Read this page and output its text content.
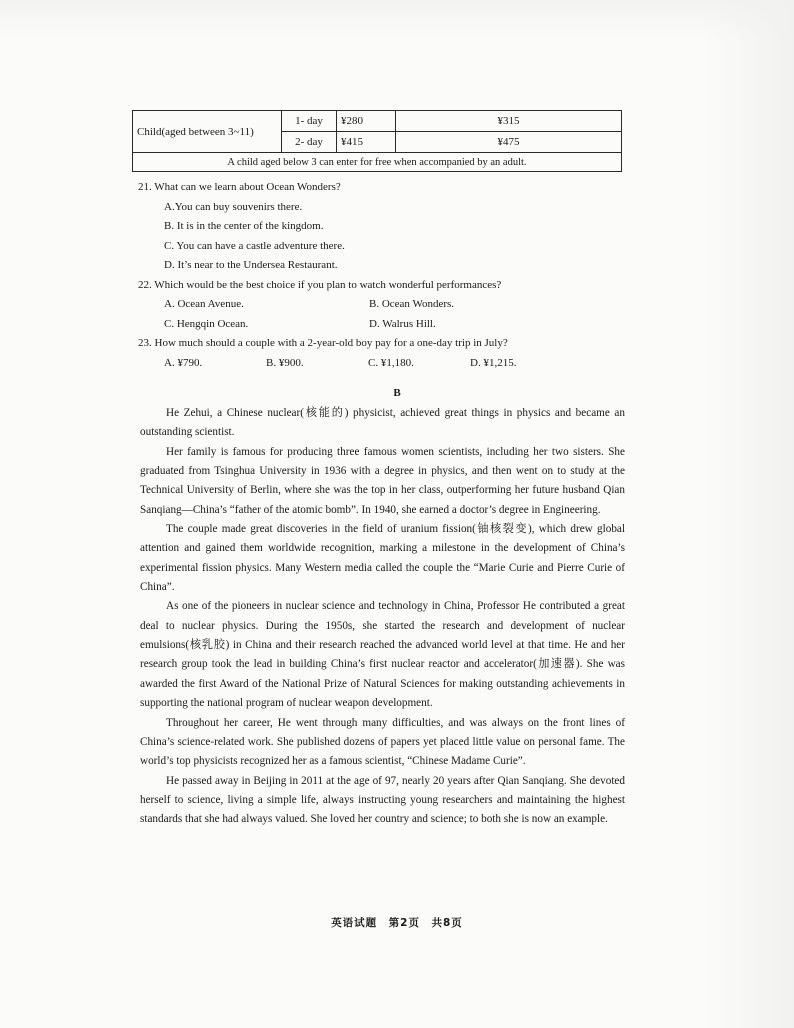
Child(aged between 3~11)	1- day	¥280	¥315
	2- day	¥415	¥475
A child aged below 3 can enter for free when accompanied by an adult.			

21. What can we learn about Ocean Wonders?

A.You can buy souvenirs there.

B. It is in the center of the kingdom.

C. You can have a castle adventure there.

D. It’s near to the Undersea Restaurant.

22. Which would be the best choice if you plan to watch wonderful performances?

A. Ocean Avenue.	B. Ocean Wonders.
C. Hengqin Ocean.	D. Walrus Hill.

23. How much should a couple with a 2-year-old boy pay for a one-day trip in July?

A. ¥790.	B. ¥900.	C. ¥1,180.	D. ¥1,215.
B

He Zehui, a Chinese nuclear(核能的) physicist, achieved great things in physics and became an outstanding scientist.

Her family is famous for producing three famous women scientists, including her two sisters. She graduated from Tsinghua University in 1936 with a degree in physics, and then went on to study at the Technical University of Berlin, where she was the top in her class, outperforming her future husband Qian Sanqiang—China’s “father of the atomic bomb”. In 1940, she earned a doctor’s degree in Engineering.

The couple made great discoveries in the field of uranium fission(铀核裂变), which drew global attention and gained them worldwide recognition, marking a milestone in the development of China’s experimental fission physics. Many Western media called the couple the “Marie Curie and Pierre Curie of China”.

As one of the pioneers in nuclear science and technology in China, Professor He contributed a great deal to nuclear physics. During the 1950s, she started the research and development of nuclear emulsions(核乳胶) in China and their research reached the advanced world level at that time. He and her research group took the lead in building China’s first nuclear reactor and accelerator(加速器). She was awarded the first Award of the National Prize of Natural Sciences for making outstanding achievements in supporting the national program of nuclear weapon development.

Throughout her career, He went through many difficulties, and was always on the front lines of China’s science-related work. She published dozens of papers yet placed little value on personal fame. The world’s top physicists recognized her as a famous scientist, “Chinese Madame Curie”.

He passed away in Beijing in 2011 at the age of 97, nearly 20 years after Qian Sanqiang. She devoted herself to science, living a simple life, always instructing young researchers and maintaining the highest standards that she had always valued. She loved her country and science; to both she is now an example.

英语试题　第2页　共8页
